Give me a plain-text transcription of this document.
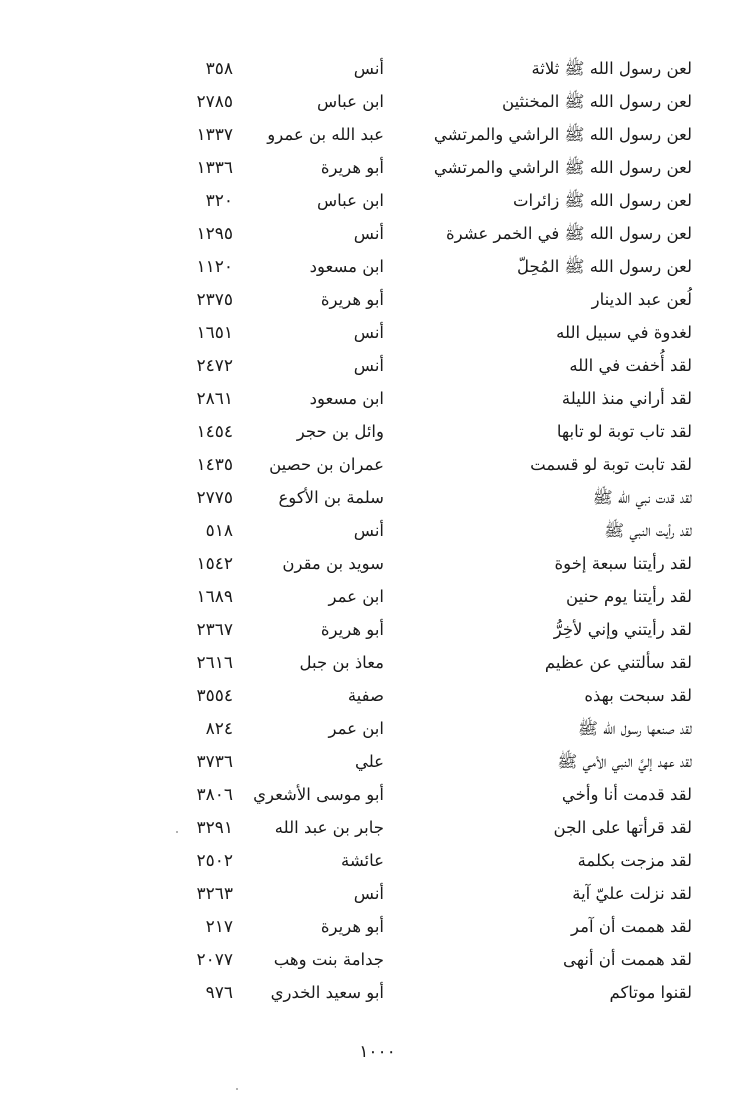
لعن رسول الله ﷺ ثلاثة
أنس
٣٥٨
لعن رسول الله ﷺ المخنثين
ابن عباس
٢٧٨٥
لعن رسول الله ﷺ الراشي والمرتشي
عبد الله بن عمرو
١٣٣٧
لعن رسول الله ﷺ الراشي والمرتشي
أبو هريرة
١٣٣٦
لعن رسول الله ﷺ زائرات
ابن عباس
٣٢٠
لعن رسول الله ﷺ في الخمر عشرة
أنس
١٢٩٥
لعن رسول الله ﷺ المُحِلّ
ابن مسعود
١١٢٠
لُعن عبد الدينار
أبو هريرة
٢٣٧٥
لغدوة في سبيل الله
أنس
١٦٥١
لقد أُخفت في الله
أنس
٢٤٧٢
لقد أراني منذ الليلة
ابن مسعود
٢٨٦١
لقد تاب توبة لو تابها
وائل بن حجر
١٤٥٤
لقد تابت توبة لو قسمت
عمران بن حصين
١٤٣٥
لقد قدت نبي الله ﷺ
سلمة بن الأكوع
٢٧٧٥
لقد رأيت النبي ﷺ
أنس
٥١٨
لقد رأيتنا سبعة إخوة
سويد بن مقرن
١٥٤٢
لقد رأيتنا يوم حنين
ابن عمر
١٦٨٩
لقد رأيتني وإني لأخِرُّ
أبو هريرة
٢٣٦٧
لقد سألتني عن عظيم
معاذ بن جبل
٢٦١٦
لقد سبحت بهذه
صفية
٣٥٥٤
لقد صنعها رسول الله ﷺ
ابن عمر
٨٢٤
لقد عهد إليَّ النبي الأمي ﷺ
علي
٣٧٣٦
لقد قدمت أنا وأخي
أبو موسى الأشعري
٣٨٠٦
لقد قرأتها على الجن
جابر بن عبد الله
٣٢٩١
لقد مزجت بكلمة
عائشة
٢٥٠٢
لقد نزلت عليّ آية
أنس
٣٢٦٣
لقد هممت أن آمر
أبو هريرة
٢١٧
لقد هممت أن أنهى
جدامة بنت وهب
٢٠٧٧
لقنوا موتاكم
أبو سعيد الخدري
٩٧٦
١٠٠٠
